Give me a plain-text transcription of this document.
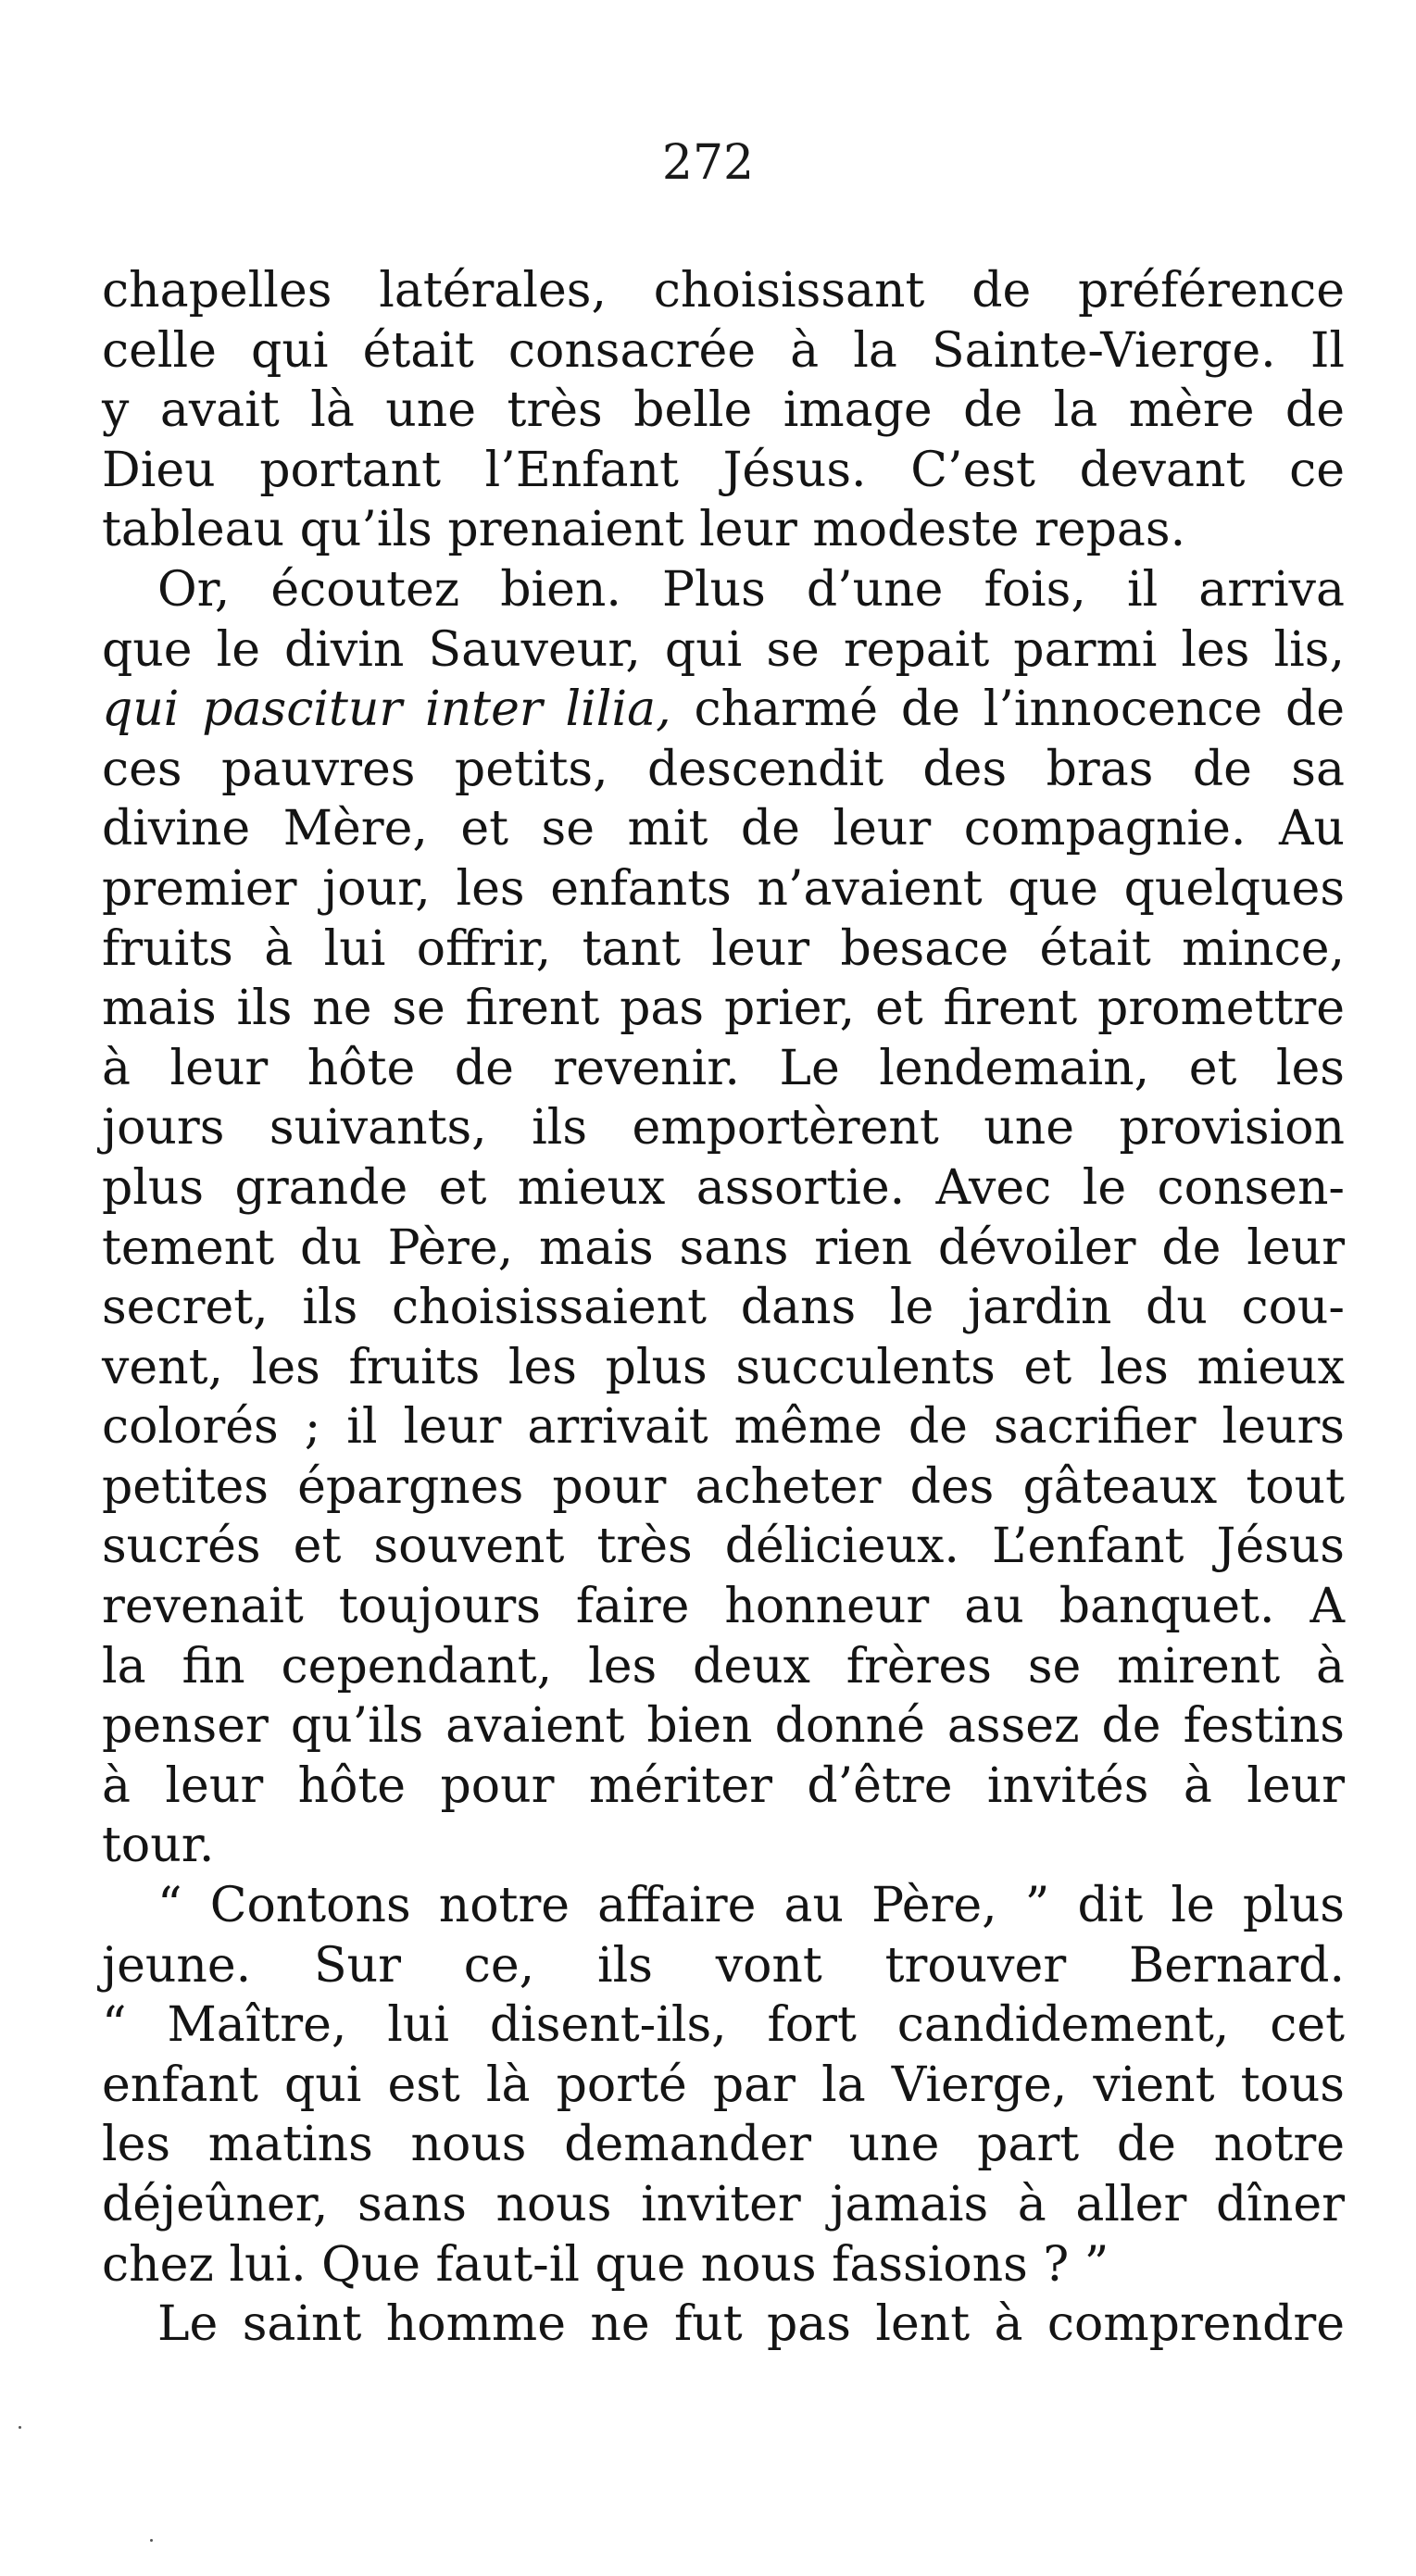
272
chapelles latérales, choisissant de préférence
celle qui était consacrée à la Sainte-Vierge. Il
y avait là une très belle image de la mère de
Dieu portant l’Enfant Jésus. C’est devant ce
tableau qu’ils prenaient leur modeste repas.
Or, écoutez bien. Plus d’une fois, il arriva
que le divin Sauveur, qui se repait parmi les lis,
qui pascitur inter lilia, charmé de l’innocence de
ces pauvres petits, descendit des bras de sa
divine Mère, et se mit de leur compagnie. Au
premier jour, les enfants n’avaient que quelques
fruits à lui offrir, tant leur besace était mince,
mais ils ne se firent pas prier, et firent promettre
à leur hôte de revenir. Le lendemain, et les
jours suivants, ils emportèrent une provision
plus grande et mieux assortie. Avec le consen-
tement du Père, mais sans rien dévoiler de leur
secret, ils choisissaient dans le jardin du cou-
vent, les fruits les plus succulents et les mieux
colorés ; il leur arrivait même de sacrifier leurs
petites épargnes pour acheter des gâteaux tout
sucrés et souvent très délicieux. L’enfant Jésus
revenait toujours faire honneur au banquet. A
la fin cependant, les deux frères se mirent à
penser qu’ils avaient bien donné assez de festins
à leur hôte pour mériter d’être invités à leur
tour.
“ Contons notre affaire au Père, ” dit le plus
jeune. Sur ce, ils vont trouver Bernard.
“ Maître, lui disent-ils, fort candidement, cet
enfant qui est là porté par la Vierge, vient tous
les matins nous demander une part de notre
déjeûner, sans nous inviter jamais à aller dîner
chez lui. Que faut-il que nous fassions ? ”
Le saint homme ne fut pas lent à comprendre
